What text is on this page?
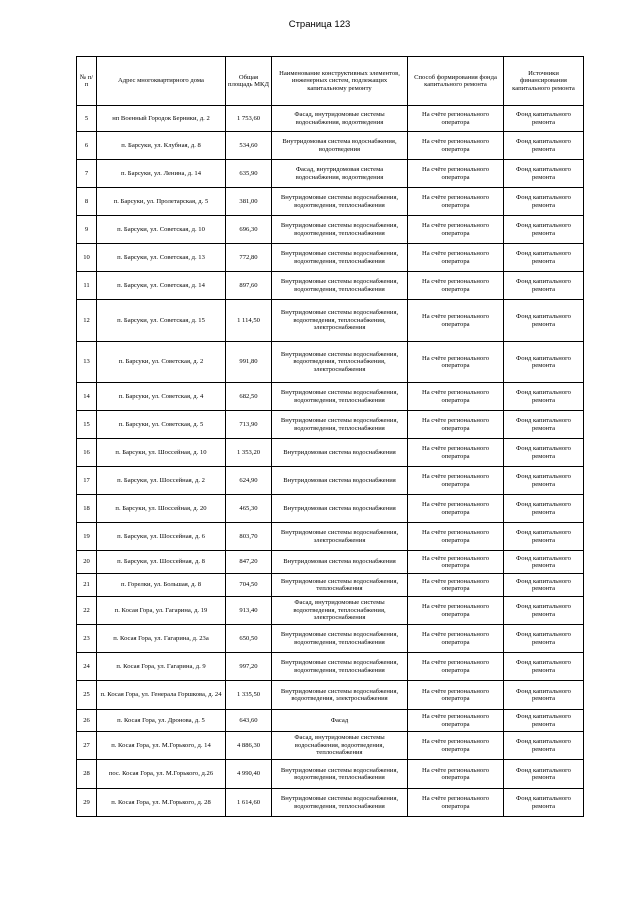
Страница 123
№ п/п	Адрес многоквартирного дома	Общая площадь МКД	Наименование конструктивных элементов, инженерных систем, подлежащих капитальному ремонту	Способ формирования фонда капитального ремонта	Источники финансирования капитального ремонта
5	нп Военный Городок Берники, д. 2	1 753,60	Фасад, внутридомовые системы водоснабжения, водоотведения	На счёте регионального оператора	Фонд капитального ремонта
6	п. Барсуки, ул. Клубная, д. 8	534,60	Внутридомовая система водоснабжения, водоотведения	На счёте регионального оператора	Фонд капитального ремонта
7	п. Барсуки, ул. Ленина, д. 14	635,90	Фасад, внутридомовая система водоснабжения, водоотведения	На счёте регионального оператора	Фонд капитального ремонта
8	п. Барсуки, ул. Пролетарская, д. 5	381,00	Внутридомовые системы водоснабжения, водоотведения, теплоснабжения	На счёте регионального оператора	Фонд капитального ремонта
9	п. Барсуки, ул. Советская, д. 10	696,30	Внутридомовые системы водоснабжения, водоотведения, теплоснабжения	На счёте регионального оператора	Фонд капитального ремонта
10	п. Барсуки, ул. Советская, д. 13	772,80	Внутридомовые системы водоснабжения, водоотведения, теплоснабжения	На счёте регионального оператора	Фонд капитального ремонта
11	п. Барсуки, ул. Советская, д. 14	897,60	Внутридомовые системы водоснабжения, водоотведения, теплоснабжения	На счёте регионального оператора	Фонд капитального ремонта
12	п. Барсуки, ул. Советская, д. 15	1 114,50	Внутридомовые системы водоснабжения, водоотведения, теплоснабжения, электроснабжения	На счёте регионального оператора	Фонд капитального ремонта
13	п. Барсуки, ул. Советская, д. 2	991,80	Внутридомовые системы водоснабжения, водоотведения, теплоснабжения, электроснабжения	На счёте регионального оператора	Фонд капитального ремонта
14	п. Барсуки, ул. Советская, д. 4	682,50	Внутридомовые системы водоснабжения, водоотведения, теплоснабжения	На счёте регионального оператора	Фонд капитального ремонта
15	п. Барсуки, ул. Советская, д. 5	713,90	Внутридомовые системы водоснабжения, водоотведения, теплоснабжения	На счёте регионального оператора	Фонд капитального ремонта
16	п. Барсуки, ул. Шоссейная, д. 10	1 353,20	Внутридомовая система водоснабжения	На счёте регионального оператора	Фонд капитального ремонта
17	п. Барсуки, ул. Шоссейная, д. 2	624,90	Внутридомовая система водоснабжения	На счёте регионального оператора	Фонд капитального ремонта
18	п. Барсуки, ул. Шоссейная, д. 20	465,30	Внутридомовая система водоснабжения	На счёте регионального оператора	Фонд капитального ремонта
19	п. Барсуки, ул. Шоссейная, д. 6	803,70	Внутридомовые системы водоснабжения, электроснабжения	На счёте регионального оператора	Фонд капитального ремонта
20	п. Барсуки, ул. Шоссейная, д. 8	847,20	Внутридомовая система водоснабжения	На счёте регионального оператора	Фонд капитального ремонта
21	п. Горелки, ул. Большая, д. 8	704,50	Внутридомовые системы водоснабжения, теплоснабжения	На счёте регионального оператора	Фонд капитального ремонта
22	п. Косая Гора, ул. Гагарина, д. 19	913,40	Фасад, внутридомовые системы водоотведения, теплоснабжения, электроснабжения	На счёте регионального оператора	Фонд капитального ремонта
23	п. Косая Гора, ул. Гагарина, д. 23а	650,50	Внутридомовые системы водоснабжения, водоотведения, теплоснабжения	На счёте регионального оператора	Фонд капитального ремонта
24	п. Косая Гора, ул. Гагарина, д. 9	997,20	Внутридомовые системы водоснабжения, водоотведения, теплоснабжения	На счёте регионального оператора	Фонд капитального ремонта
25	п. Косая Гора, ул. Генерала Горшкова, д. 24	1 335,50	Внутридомовые системы водоснабжения, водоотведения, электроснабжения	На счёте регионального оператора	Фонд капитального ремонта
26	п. Косая Гора, ул. Дронова, д. 5	643,60	Фасад	На счёте регионального оператора	Фонд капитального ремонта
27	п. Косая Гора, ул. М.Горького, д. 14	4 886,30	Фасад, внутридомовые системы водоснабжения, водоотведения, теплоснабжения	На счёте регионального оператора	Фонд капитального ремонта
28	пос. Косая Гора, ул. М.Горького, д.26	4 990,40	Внутридомовые системы водоснабжения, водоотведения, теплоснабжения	На счёте регионального оператора	Фонд капитального ремонта
29	п. Косая Гора, ул. М.Горького, д. 28	1 614,60	Внутридомовые системы водоснабжения, водоотведения, теплоснабжения	На счёте регионального оператора	Фонд капитального ремонта
